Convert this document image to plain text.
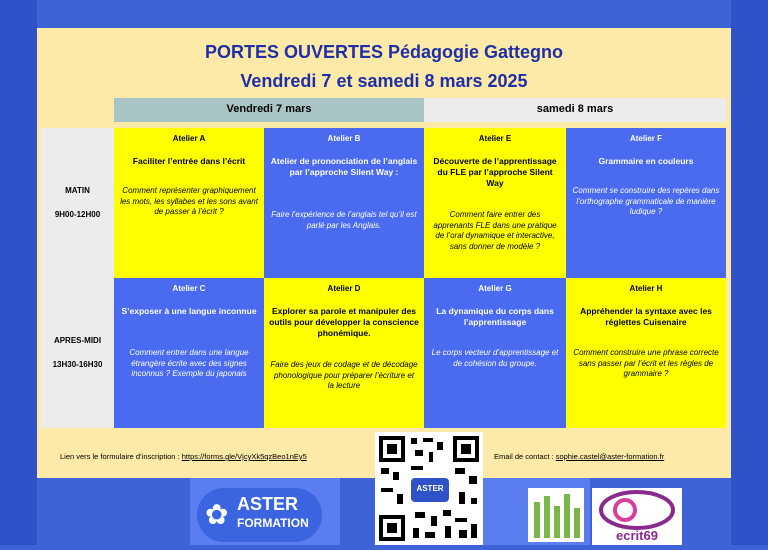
PORTES OUVERTES Pédagogie Gattegno
Vendredi 7 et samedi 8 mars 2025
Vendredi 7 mars	samedi 8 mars
MATIN
9H00-12H00
APRES-MIDI
13H30-16H30
Atelier A
Faciliter l’entrée dans l’écrit
Comment représenter graphiquement les mots, les syllabes et les sons avant de passer à l’écrit ?
Atelier B
Atelier de prononciation de l’anglais par l’approche Silent Way :
Faire l’expérience de l’anglais tel qu’il est parlé par les Anglais.
Atelier E
Découverte de l’apprentissage du FLE par l’approche Silent Way
Comment faire entrer des apprenants FLE dans une pratique de l’oral dynamique et interactive, sans donner de modèle ?
Atelier F
Grammaire en couleurs
Comment se construire des repères dans l’orthographe grammaticale de manière ludique ?
Atelier C
S’exposer à une langue inconnue
Comment entrer dans une langue étrangère écrite avec des signes inconnus ? Exemple du japonais
Atelier D
Explorer sa parole et manipuler des outils pour développer la conscience phonémique.
Faire des jeux de codage et de décodage phonologique pour préparer l’écriture et la lecture
Atelier G
La dynamique du corps dans l’apprentissage
Le corps vecteur d’apprentissage et de cohésion du groupe.
Atelier H
Appréhender la syntaxe avec les réglettes Cuisenaire
Comment construire une phrase correcte sans passer par l’écrit et les règles de grammaire ?
Lien vers le formulaire d’inscription : https://forms.gle/VjcyXk5qzBeo1nEy5	Email de contact : sophie.castel@aster-formation.fr
ASTER
✿ ASTER
FORMATION
ecrit69
